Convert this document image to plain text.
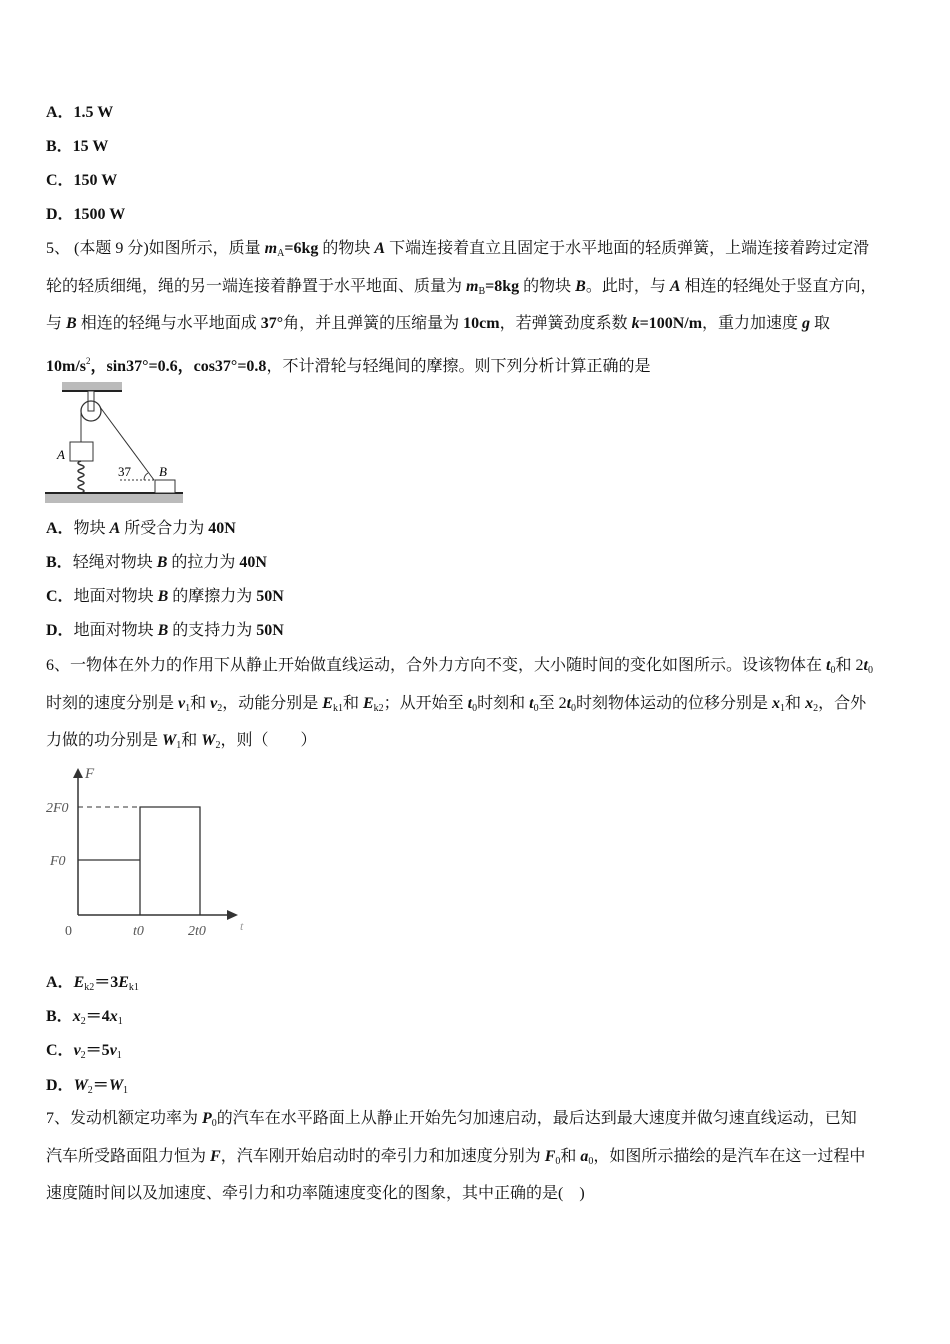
A．1.5 W
B．15 W
C．150 W
D．1500 W
5、 (本题 9 分)如图所示，质量 $m_A=6kg$ 的物块 A 下端连接着直立且固定于水平地面的轻质弹簧，上端连接着跨过定滑
轮的轻质细绳，绳的另一端连接着静置于水平地面、质量为 $m_B=8kg$ 的物块 B。此时，与 A 相连的轻绳处于竖直方向，
与 B 相连的轻绳与水平地面成 37°角，并且弹簧的压缩量为 10cm，若弹簧劲度系数 k=100N/m，重力加速度 g 取
$10m/s^2$，sin37°=0.6，cos37°=0.8，不计滑轮与轻绳间的摩擦。则下列分析计算正确的是
A．物块 A 所受合力为 40N
B．轻绳对物块 B 的拉力为 40N
C．地面对物块 B 的摩擦力为 50N
D．地面对物块 B 的支持力为 50N
6、一物体在外力的作用下从静止开始做直线运动，合外力方向不变，大小随时间的变化如图所示。设该物体在 $t_0$和 $2t_0$
时刻的速度分别是 $v_1$和 $v_2$，动能分别是 $E_{k1}$和 $E_{k2}$；从开始至 $t_0$时刻和 $t_0$至 $2t_0$时刻物体运动的位移分别是 $x_1$和 $x_2$，合外
力做的功分别是 $W_1$和 $W_2$，则（　　）
A．$E_{k2}=3E_{k1}$
B．$x_2=4x_1$
C．$v_2=5v_1$
D．$W_2=W_1$
7、发动机额定功率为 $P_0$的汽车在水平路面上从静止开始先匀加速启动，最后达到最大速度并做匀速直线运动，已知
汽车所受路面阻力恒为 F，汽车刚开始启动时的牵引力和加速度分别为 $F_0$和 $a_0$，如图所示描绘的是汽车在这一过程中
速度随时间以及加速度、牵引力和功率随速度变化的图象，其中正确的是(　)
A
B
37
F
2F0
F0
0	t0	2t0	t
